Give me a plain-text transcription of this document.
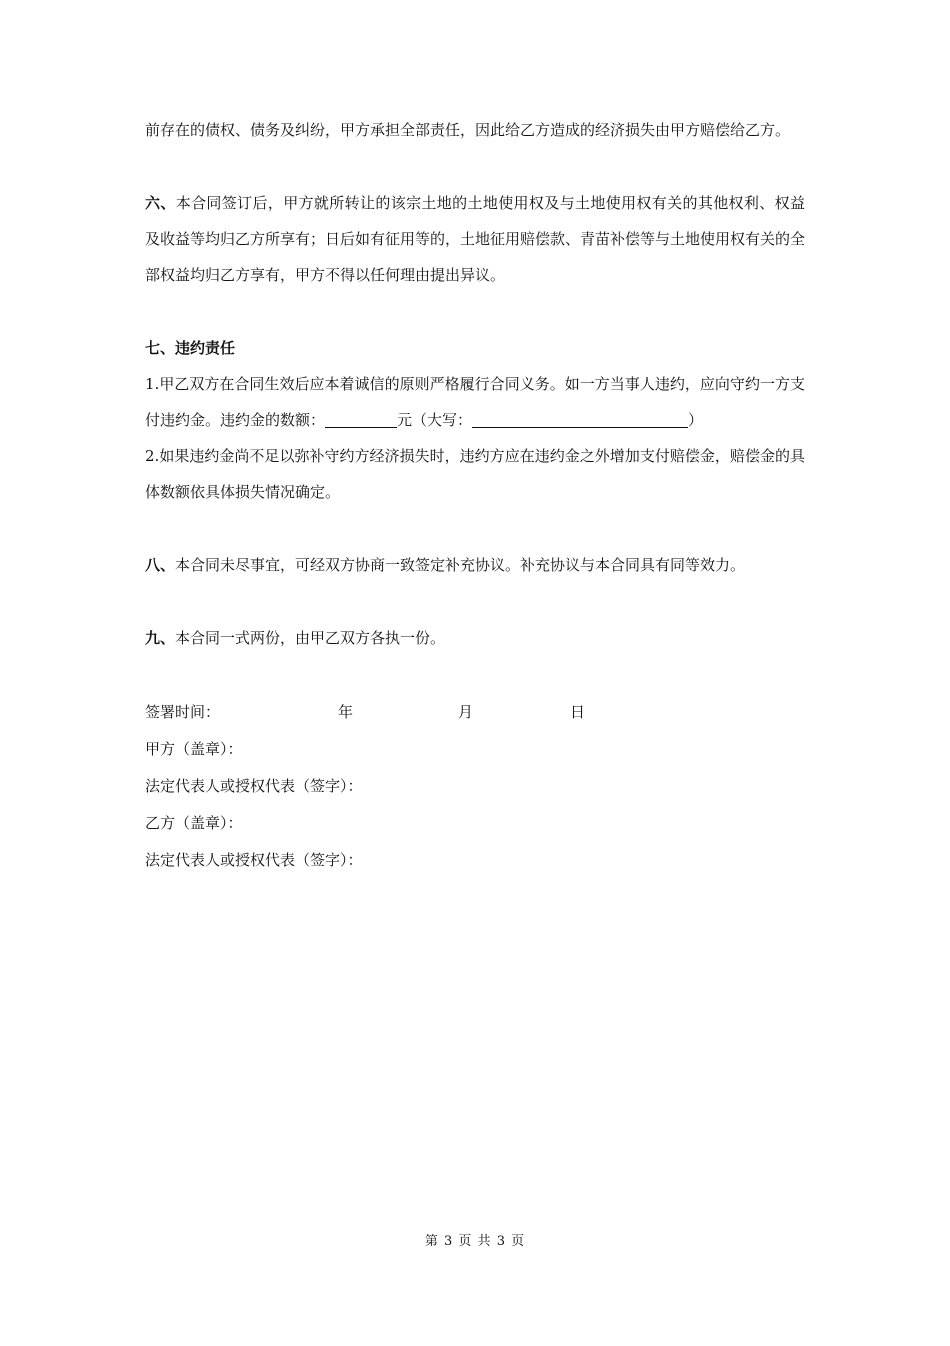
前存在的债权、债务及纠纷，甲方承担全部责任，因此给乙方造成的经济损失由甲方赔偿给乙方。

六、本合同签订后，甲方就所转让的该宗土地的土地使用权及与土地使用权有关的其他权利、权益及收益等均归乙方所享有；日后如有征用等的，土地征用赔偿款、青苗补偿等与土地使用权有关的全部权益均归乙方享有，甲方不得以任何理由提出异议。

七、违约责任

1.甲乙双方在合同生效后应本着诚信的原则严格履行合同义务。如一方当事人违约，应向守约一方支付违约金。违约金的数额：	元（大写：	）

2.如果违约金尚不足以弥补守约方经济损失时，违约方应在违约金之外增加支付赔偿金，赔偿金的具体数额依具体损失情况确定。

八、本合同未尽事宜，可经双方协商一致签定补充协议。补充协议与本合同具有同等效力。

九、本合同一式两份，由甲乙双方各执一份。

签署时间：	年	月	日

甲方（盖章）：

法定代表人或授权代表（签字）：

乙方（盖章）：

法定代表人或授权代表（签字）：

第 3 页 共 3 页
